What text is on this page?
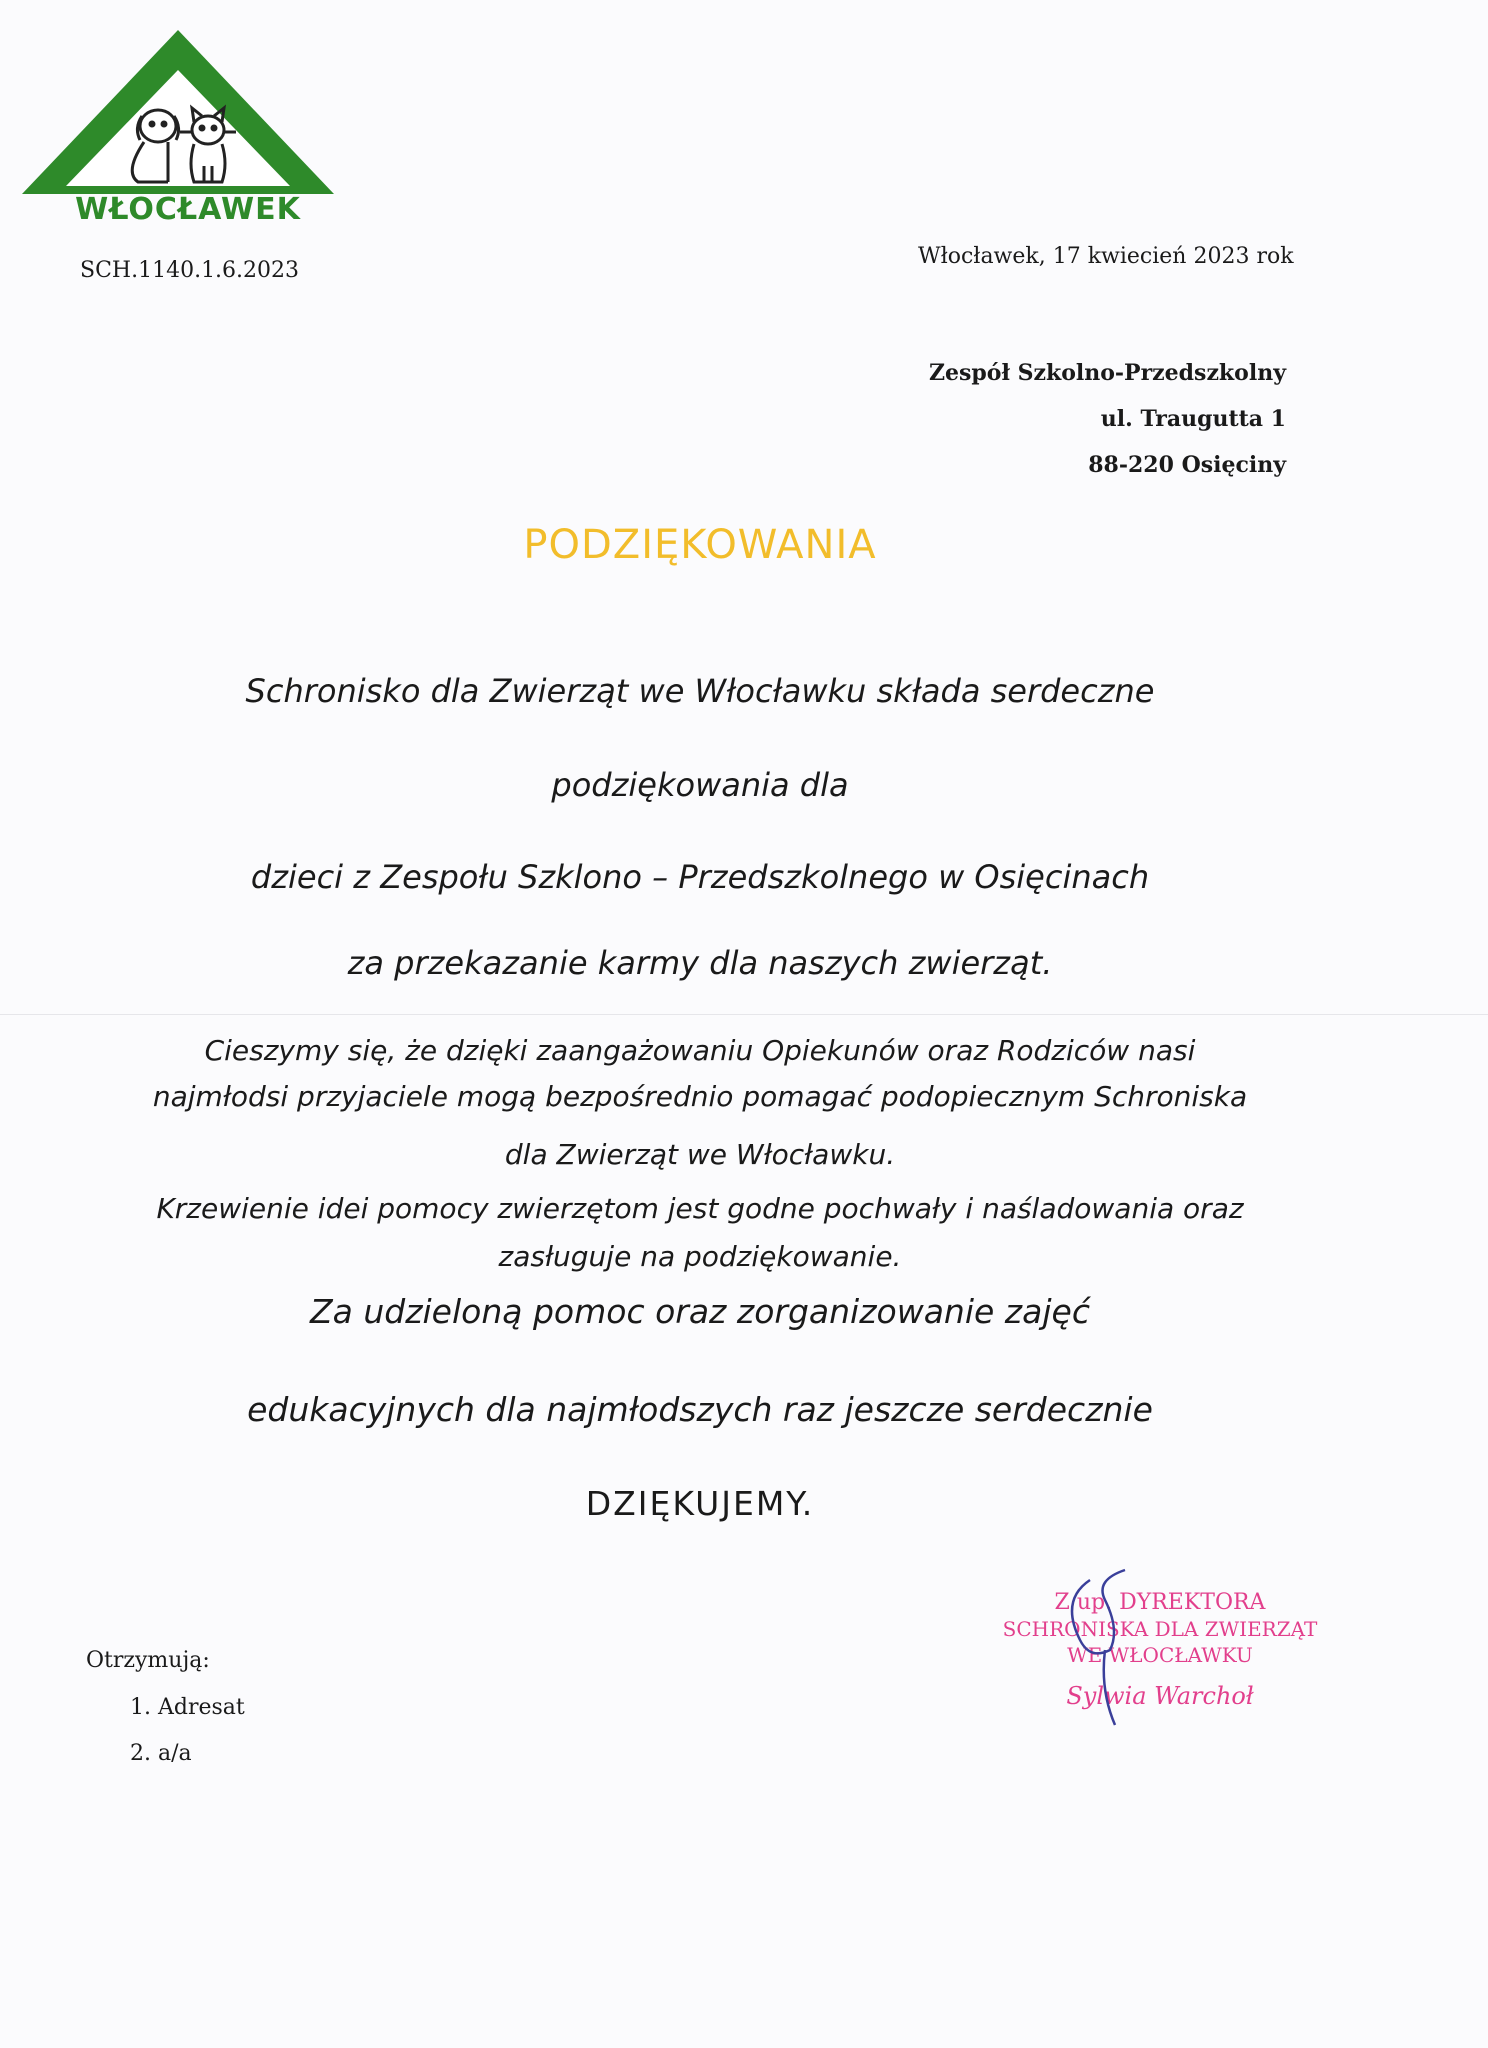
WŁOCŁAWEK
SCH.1140.1.6.2023
Włocławek, 17 kwiecień 2023 rok
Zespół Szkolno-Przedszkolny
ul. Traugutta 1
88-220 Osięciny
PODZIĘKOWANIA
Schronisko dla Zwierząt we Włocławku składa serdeczne
podziękowania dla
dzieci z Zespołu Szklono – Przedszkolnego w Osięcinach
za przekazanie karmy dla naszych zwierząt.
Cieszymy się, że dzięki zaangażowaniu Opiekunów oraz Rodziców nasi
najmłodsi przyjaciele mogą bezpośrednio pomagać podopiecznym Schroniska
dla Zwierząt we Włocławku.
Krzewienie idei pomocy zwierzętom jest godne pochwały i naśladowania oraz
zasługuje na podziękowanie.
Za udzieloną pomoc oraz zorganizowanie zajęć
edukacyjnych dla najmłodszych raz jeszcze serdecznie
DZIĘKUJEMY.
Otrzymują:
1. Adresat
2. a/a
Z up. DYREKTORA
SCHRONISKA DLA ZWIERZĄT
WE WŁOCŁAWKU
Sylwia Warchoł
